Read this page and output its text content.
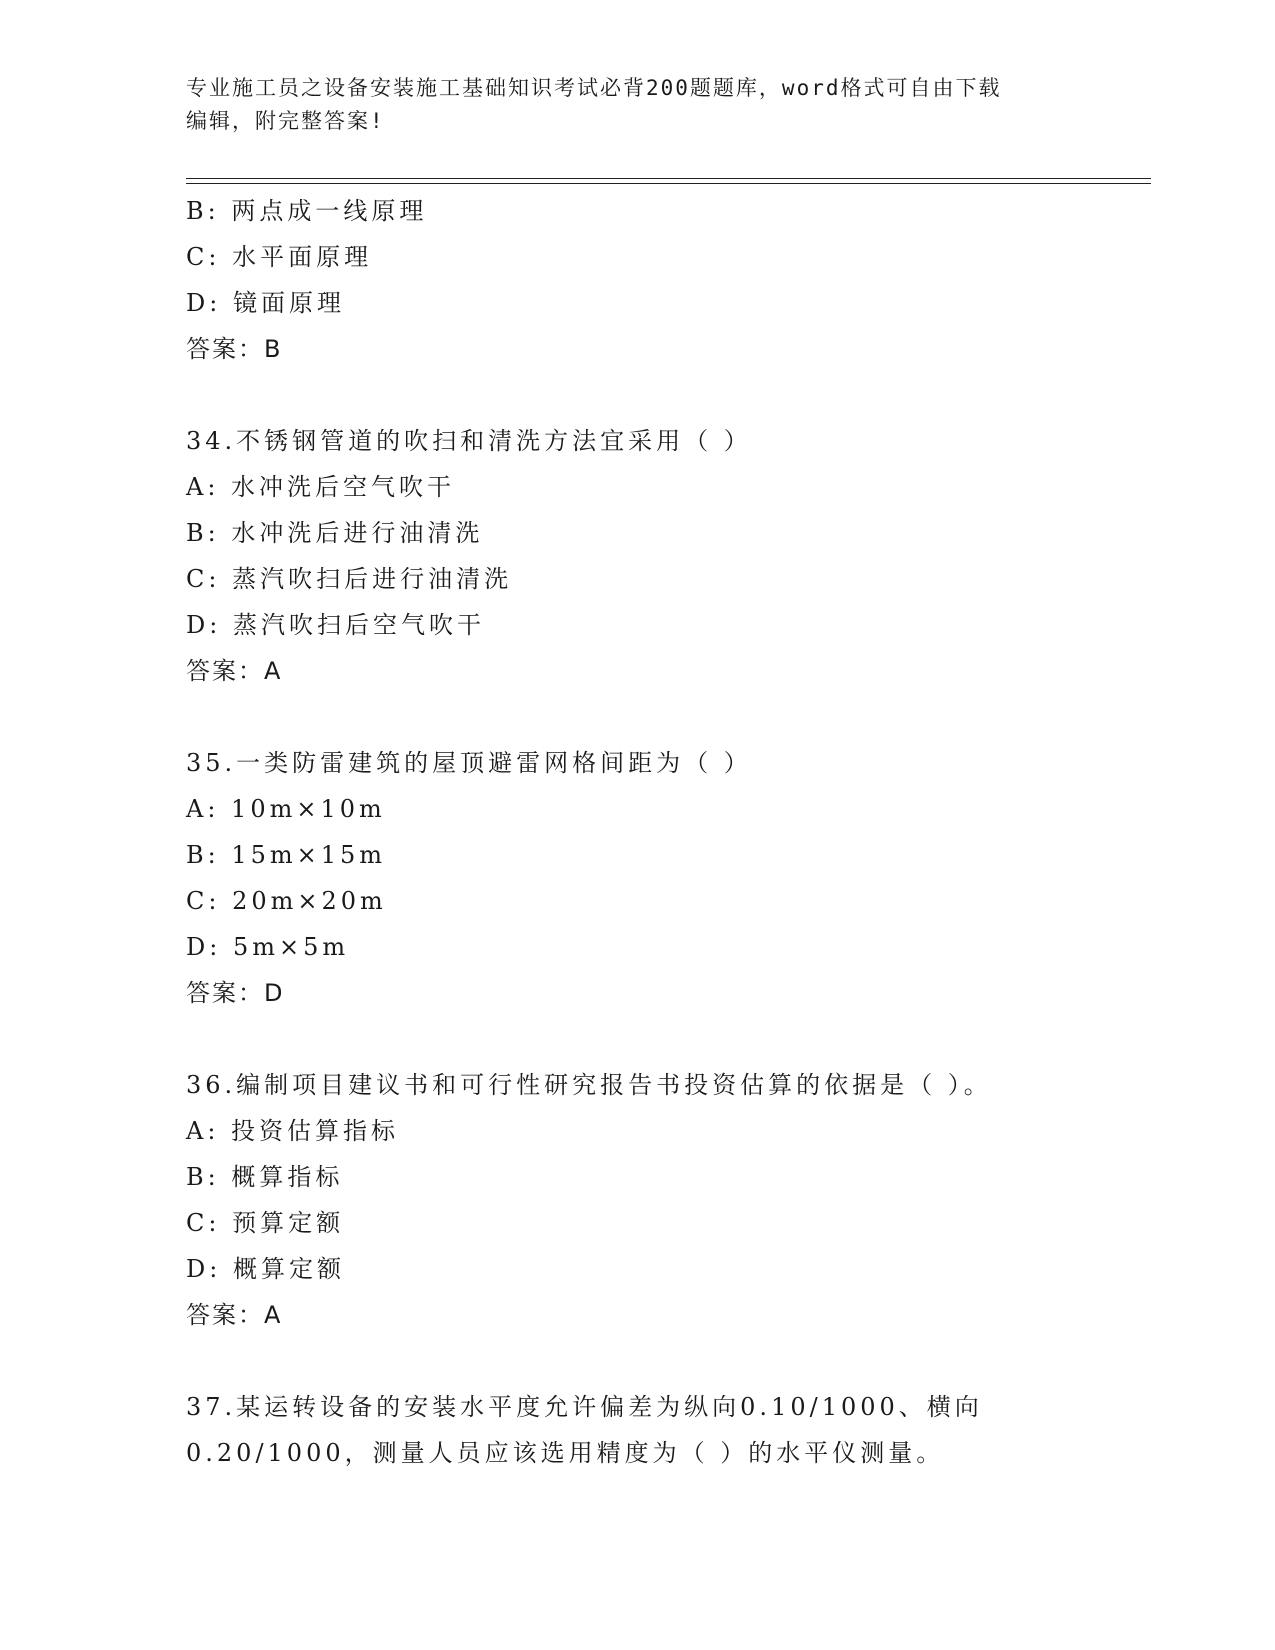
专业施工员之设备安装施工基础知识考试必背200题题库，word格式可自由下载
编辑，附完整答案!
B: 两点成一线原理
C: 水平面原理
D: 镜面原理
答案：B
34.不锈钢管道的吹扫和清洗方法宜采用（ ）
A: 水冲洗后空气吹干
B: 水冲洗后进行油清洗
C: 蒸汽吹扫后进行油清洗
D: 蒸汽吹扫后空气吹干
答案：A
35.一类防雷建筑的屋顶避雷网格间距为（ ）
A: 10m×10m
B: 15m×15m
C: 20m×20m
D: 5m×5m
答案：D
36.编制项目建议书和可行性研究报告书投资估算的依据是（ ）。
A: 投资估算指标
B: 概算指标
C: 预算定额
D: 概算定额
答案：A
37.某运转设备的安装水平度允许偏差为纵向0.10/1000、横向
0.20/1000，测量人员应该选用精度为（ ）的水平仪测量。
